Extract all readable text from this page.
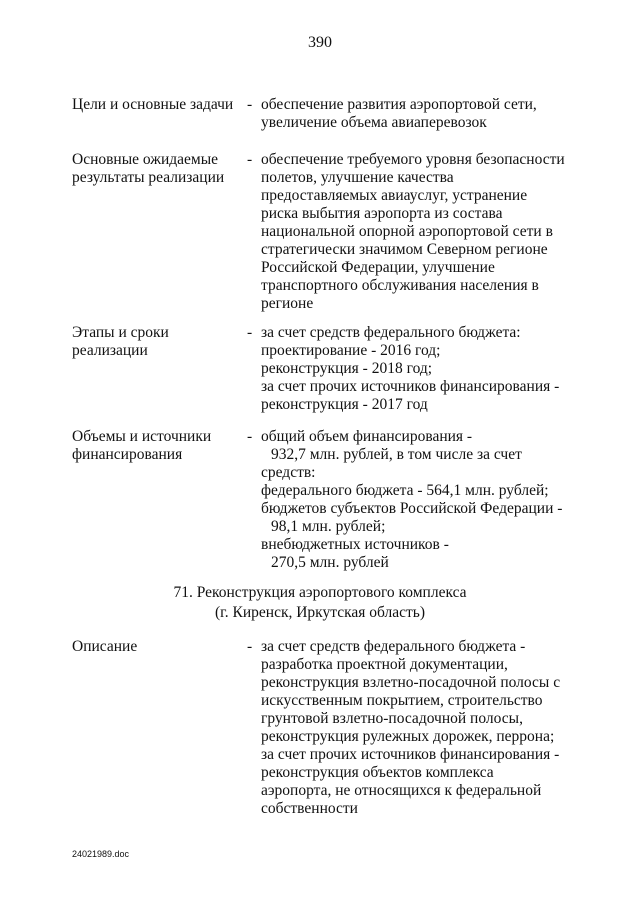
390
Цели и основные задачи - обеспечение развития аэропортовой сети,
увеличение объема авиаперевозок
Основные ожидаемые
результаты реализации
- обеспечение требуемого уровня безопасности
полетов, улучшение качества
предоставляемых авиауслуг, устранение
риска выбытия аэропорта из состава
национальной опорной аэропортовой сети в
стратегически значимом Северном регионе
Российской Федерации, улучшение
транспортного обслуживания населения в
регионе
Этапы и сроки
реализации
- за счет средств федерального бюджета:
проектирование - 2016 год;
реконструкция - 2018 год;
за счет прочих источников финансирования -
реконструкция - 2017 год
Объемы и источники
финансирования
- общий объем финансирования -
932,7 млн. рублей, в том числе за счет
средств:
федерального бюджета - 564,1 млн. рублей;
бюджетов субъектов Российской Федерации -
98,1 млн. рублей;
внебюджетных источников -
270,5 млн. рублей
71. Реконструкция аэропортового комплекса
(г. Киренск, Иркутская область)
Описание	- за счет средств федерального бюджета -
разработка проектной документации,
реконструкция взлетно-посадочной полосы с
искусственным покрытием, строительство
грунтовой взлетно-посадочной полосы,
реконструкция рулежных дорожек, перрона;
за счет прочих источников финансирования -
реконструкция объектов комплекса
аэропорта, не относящихся к федеральной
собственности
24021989.doc
